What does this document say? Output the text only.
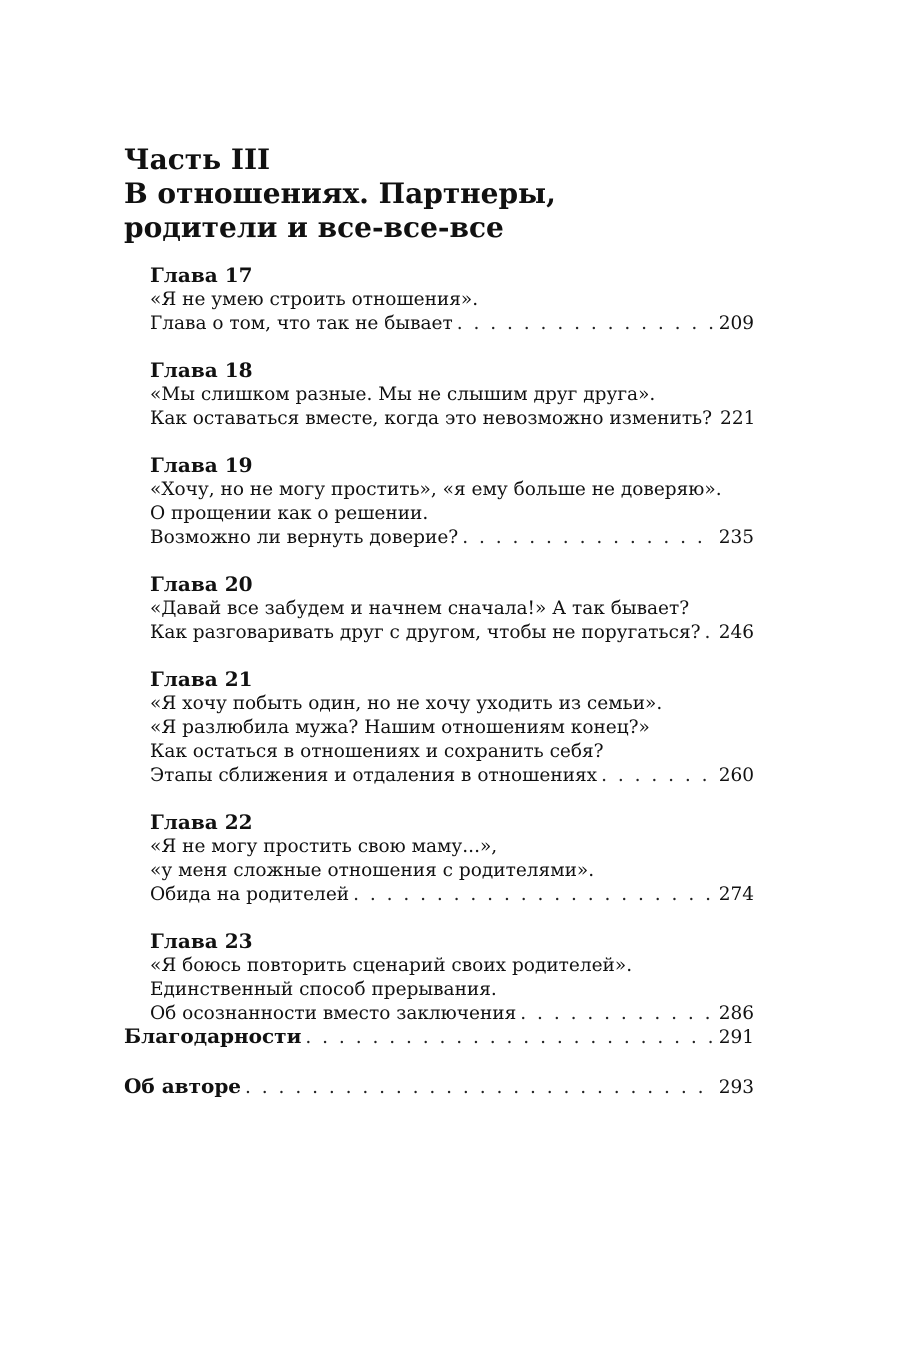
Часть III
В отношениях. Партнеры,
родители и все-все-все
Глава 17
«Я не умею строить отношения».
Глава о том, что так не бывает . . .	209
Глава 18
«Мы слишком разные. Мы не слышим друг друга».
Как оставаться вместе, когда это невозможно изменить? 221
Глава 19
«Хочу, но не могу простить», «я ему больше не доверяю».
О прощении как о решении.
Возможно ли вернуть доверие? . . .	235
Глава 20
«Давай все забудем и начнем сначала!» А так бывает?
Как разговаривать друг с другом, чтобы не поругаться? . . . 246
Глава 21
«Я хочу побыть один, но не хочу уходить из семьи».
«Я разлюбила мужа? Нашим отношениям конец?»
Как остаться в отношениях и сохранить себя?
Этапы сближения и отдаления в отношениях . . .	260
Глава 22
«Я не могу простить свою маму...»,
«у меня сложные отношения с родителями».
Обида на родителей . . .	274
Глава 23
«Я боюсь повторить сценарий своих родителей».
Единственный способ прерывания.
Об осознанности вместо заключения . . .	286
Благодарности . . .	291
Об авторе . . .	293
